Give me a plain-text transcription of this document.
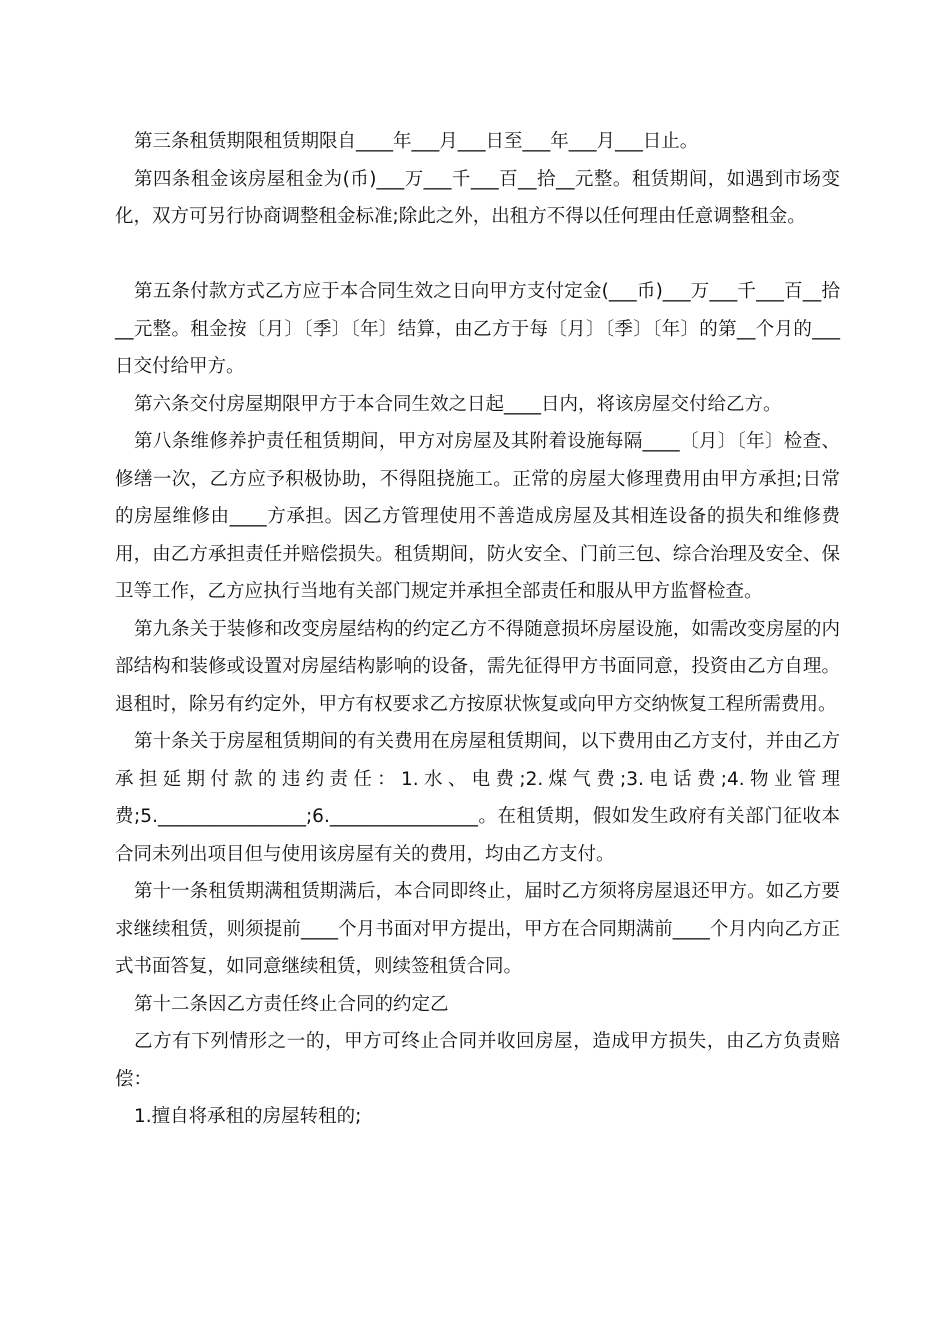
第三条租赁期限租赁期限自____年___月___日至___年___月___日止。

第四条租金该房屋租金为(币)___万___千___百__拾__元整。租赁期间，如遇到市场变化，双方可另行协商调整租金标准;除此之外，出租方不得以任何理由任意调整租金。

第五条付款方式乙方应于本合同生效之日向甲方支付定金(___币)___万___千___百__拾__元整。租金按〔月〕〔季〕〔年〕结算，由乙方于每〔月〕〔季〕〔年〕的第__个月的___日交付给甲方。

第六条交付房屋期限甲方于本合同生效之日起____日内，将该房屋交付给乙方。

第八条维修养护责任租赁期间，甲方对房屋及其附着设施每隔____〔月〕〔年〕检查、修缮一次，乙方应予积极协助，不得阻挠施工。正常的房屋大修理费用由甲方承担;日常的房屋维修由____方承担。因乙方管理使用不善造成房屋及其相连设备的损失和维修费用，由乙方承担责任并赔偿损失。租赁期间，防火安全、门前三包、综合治理及安全、保卫等工作，乙方应执行当地有关部门规定并承担全部责任和服从甲方监督检查。

第九条关于装修和改变房屋结构的约定乙方不得随意损坏房屋设施，如需改变房屋的内部结构和装修或设置对房屋结构影响的设备，需先征得甲方书面同意，投资由乙方自理。退租时，除另有约定外，甲方有权要求乙方按原状恢复或向甲方交纳恢复工程所需费用。

第十条关于房屋租赁期间的有关费用在房屋租赁期间，以下费用由乙方支付，并由乙方承担延期付款的违约责任：1.水、电费;2.煤气费;3.电话费;4.物业管理费;5.________________;6.________________。在租赁期，假如发生政府有关部门征收本合同未列出项目但与使用该房屋有关的费用，均由乙方支付。

第十一条租赁期满租赁期满后，本合同即终止，届时乙方须将房屋退还甲方。如乙方要求继续租赁，则须提前____个月书面对甲方提出，甲方在合同期满前____个月内向乙方正式书面答复，如同意继续租赁，则续签租赁合同。

第十二条因乙方责任终止合同的约定乙

乙方有下列情形之一的，甲方可终止合同并收回房屋，造成甲方损失，由乙方负责赔偿：

1.擅自将承租的房屋转租的;
